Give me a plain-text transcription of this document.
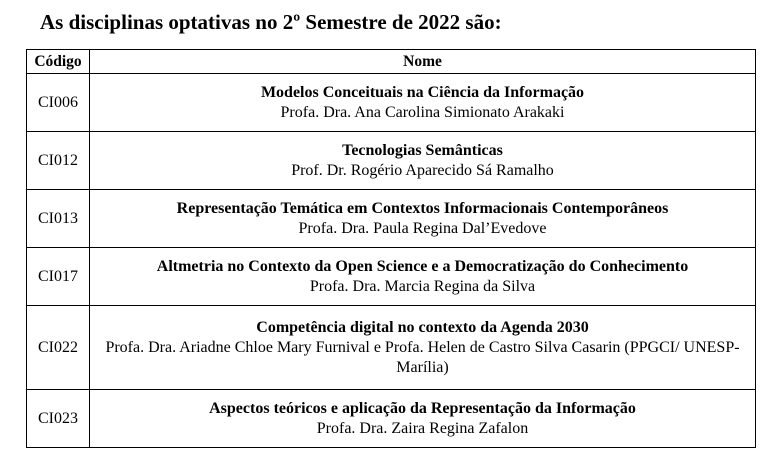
As disciplinas optativas no 2º Semestre de 2022 são:
Código	Nome
CI006	Modelos Conceituais na Ciência da Informação
Profa. Dra. Ana Carolina Simionato Arakaki

CI012	Tecnologias Semânticas
Prof. Dr. Rogério Aparecido Sá Ramalho

CI013	Representação Temática em Contextos Informacionais Contemporâneos
Profa. Dra. Paula Regina Dal’Evedove

CI017	Altmetria no Contexto da Open Science e a Democratização do Conhecimento
Profa. Dra. Marcia Regina da Silva

CI022	Competência digital no contexto da Agenda 2030
Profa. Dra. Ariadne Chloe Mary Furnival e Profa. Helen de Castro Silva Casarin (PPGCI/ UNESP-Marília)

CI023	Aspectos teóricos e aplicação da Representação da Informação
Profa. Dra. Zaira Regina Zafalon
